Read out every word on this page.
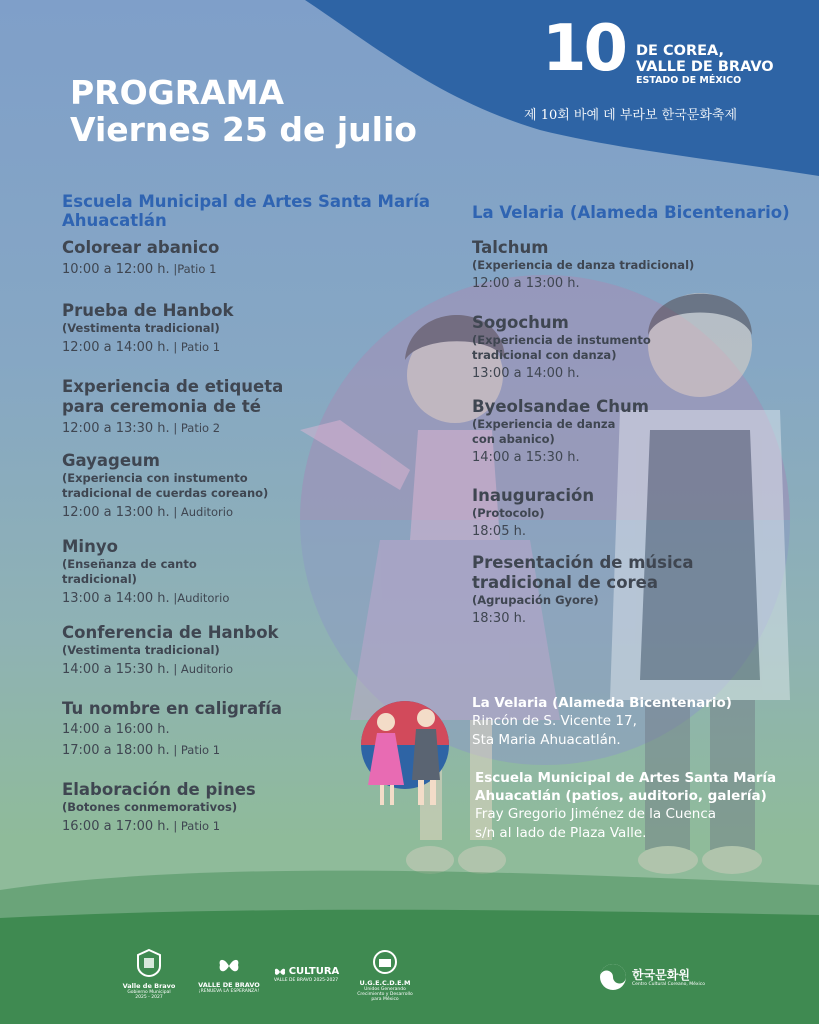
PROGRAMA
Viernes 25 de julio
10 DE COREA,
VALLE DE BRAVO
ESTADO DE MÉXICO
제 10회 바예 데 부라보 한국문화축제
Escuela Municipal de Artes Santa María
Ahuacatlán
Colorear abanico
10:00 a 12:00 h. |Patio 1
Prueba de Hanbok
(Vestimenta tradicional)
12:00 a 14:00 h. | Patio 1
Experiencia de etiqueta
para ceremonia de té
12:00 a 13:30 h. | Patio 2
Gayageum
(Experiencia con instumento
tradicional de cuerdas coreano)
12:00 a 13:00 h. | Auditorio
Minyo
(Enseñanza de canto
tradicional)
13:00 a 14:00 h. |Auditorio
Conferencia de Hanbok
(Vestimenta tradicional)
14:00 a 15:30 h. | Auditorio
Tu nombre en caligrafía
14:00 a 16:00 h.
17:00 a 18:00 h. | Patio 1
Elaboración de pines
(Botones conmemorativos)
16:00 a 17:00 h. | Patio 1
La Velaria (Alameda Bicentenario)
Talchum
(Experiencia de danza tradicional)
12:00 a 13:00 h.
Sogochum
(Experiencia de instumento
tradicional con danza)
13:00 a 14:00 h.
Byeolsandae Chum
(Experiencia de danza
con abanico)
14:00 a 15:30 h.
Inauguración
(Protocolo)
18:05 h.
Presentación de música
tradicional de corea
(Agrupación Gyore)
18:30 h.
La Velaria (Alameda Bicentenario)
Rincón de S. Vicente 17,
Sta Maria Ahuacatlán.
Escuela Municipal de Artes Santa María
Ahuacatlán (patios, auditorio, galería)
Fray Gregorio Jiménez de la Cuenca
s/n al lado de Plaza Valle.
Valle de Bravo
Gobierno Municipal
2025 - 2027
VALLE DE BRAVO
¡RENUEVA LA ESPERANZA!
CULTURA
VALLE DE BRAVO 2025-2027	U.G.E.C.D.E.M
Unidos Generando
Crecimiento y Desarrollo
para México
한국문화원
Centro Cultural Coreano, México
